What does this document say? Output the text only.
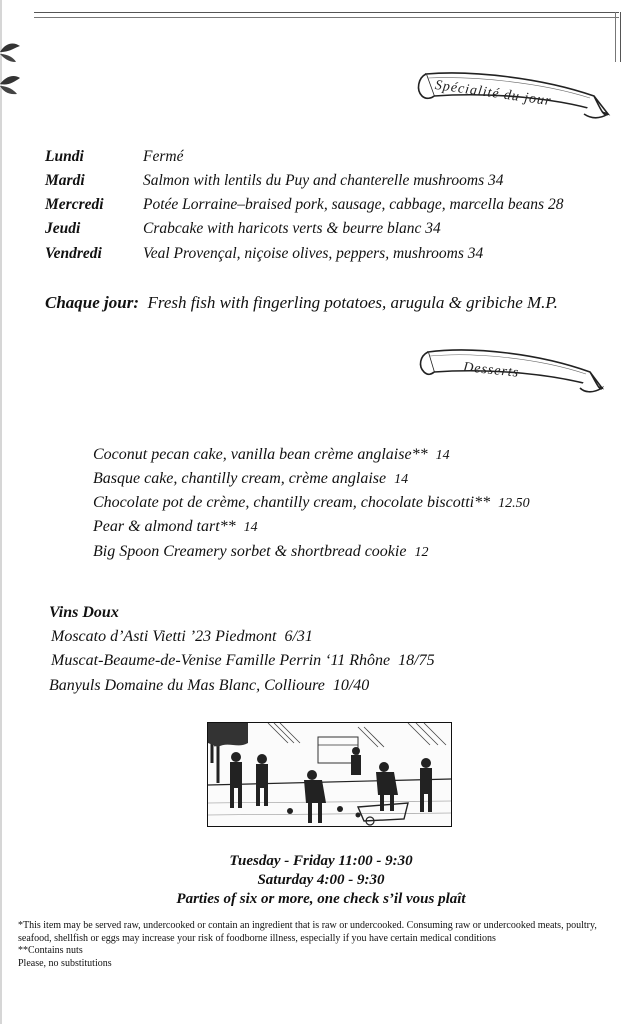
Spécialité du jour
Lundi	Fermé
Mardi	Salmon with lentils du Puy and chanterelle mushrooms 34
Mercredi	Potée Lorraine–braised pork, sausage, cabbage, marcella beans 28
Jeudi	Crabcake with haricots verts & beurre blanc 34
Vendredi	Veal Provençal, niçoise olives, peppers, mushrooms 34
Chaque jour: Fresh fish with fingerling potatoes, arugula & gribiche M.P.
Desserts
Coconut pecan cake, vanilla bean crème anglaise** 14
Basque cake, chantilly cream, crème anglaise 14
Chocolate pot de crème, chantilly cream, chocolate biscotti** 12.50
Pear & almond tart** 14
Big Spoon Creamery sorbet & shortbread cookie 12
Vins Doux
Moscato d’Asti Vietti ’23 Piedmont 6/31
Muscat-Beaume-de-Venise Famille Perrin ‘11 Rhône 18/75
Banyuls Domaine du Mas Blanc, Collioure 10/40
Tuesday - Friday 11:00 - 9:30
Saturday 4:00 - 9:30
Parties of six or more, one check s’il vous plaît
*This item may be served raw, undercooked or contain an ingredient that is raw or undercooked. Consuming raw or undercooked meats, poultry, seafood, shellfish or eggs may increase your risk of foodborne illness, especially if you have certain medical conditions
**Contains nuts
Please, no substitutions
